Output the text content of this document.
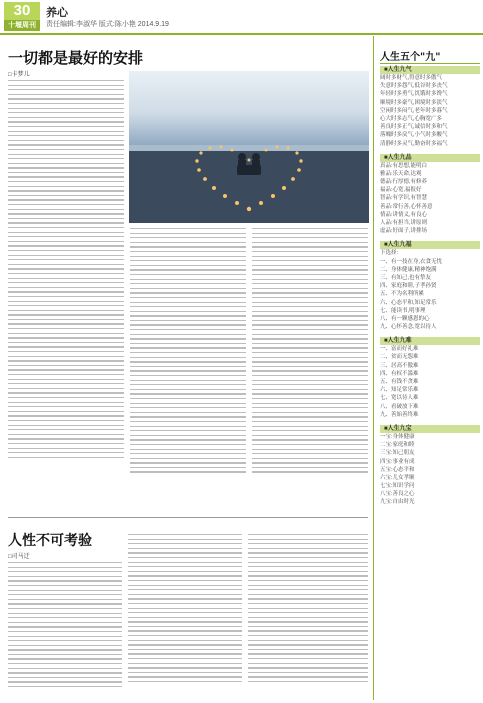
30
十堰周刊
养心
责任编辑:李淑华 版式:陈小艳 2014.9.19
一切都是最好的安排
□卡梦儿
人性不可考验
□司马迁
人生五个"九"
■人生九气
阔时多财气,得意时多傲气
失意时多怨气,低谷时多丧气
年轻时多勇气,饥饿时多馋气
顺境时多豪气,困境时多淡气
空闲时多闷气,老年时多暮气
心大时多志气,心胸宽广多
善良时多正气,诚信时多和气
落魄时多戾气,小气时多酸气
清静时多灵气,勤奋时多福气
■人生九品
真品:有思想,能明白
雅品:乐天命,达观
德品:行厚德,有修养
福品:心宽,福报好
智品:有学识,有智慧
善品:常行善,心怀善意
情品:讲情义,有良心
人品:有担当,讲原则
虚品:好面子,讲排场
■人生九福
下选择:
一、有一技在身,衣食无忧
二、身体健康,精神饱满
三、有知己,也有挚友
四、家庭和睦,子孝孙贤
五、不为名利所累
六、心态平和,知足常乐
七、能读书,明事理
八、有一颗感恩的心
九、心怀善念,宽以待人
■人生九难
一、富而好礼难
二、贫而无怨难
三、居高不傲难
四、有权不滥难
五、有钱不贪难
六、知足常乐难
七、宽以待人难
八、看破放下难
九、善始善终难
■人生九宝
一宝:身体健康
二宝:家庭和睦
三宝:知己朋友
四宝:事业有成
五宝:心态平和
六宝:儿女孝顺
七宝:知识学问
八宝:善良之心
九宝:自由时光
